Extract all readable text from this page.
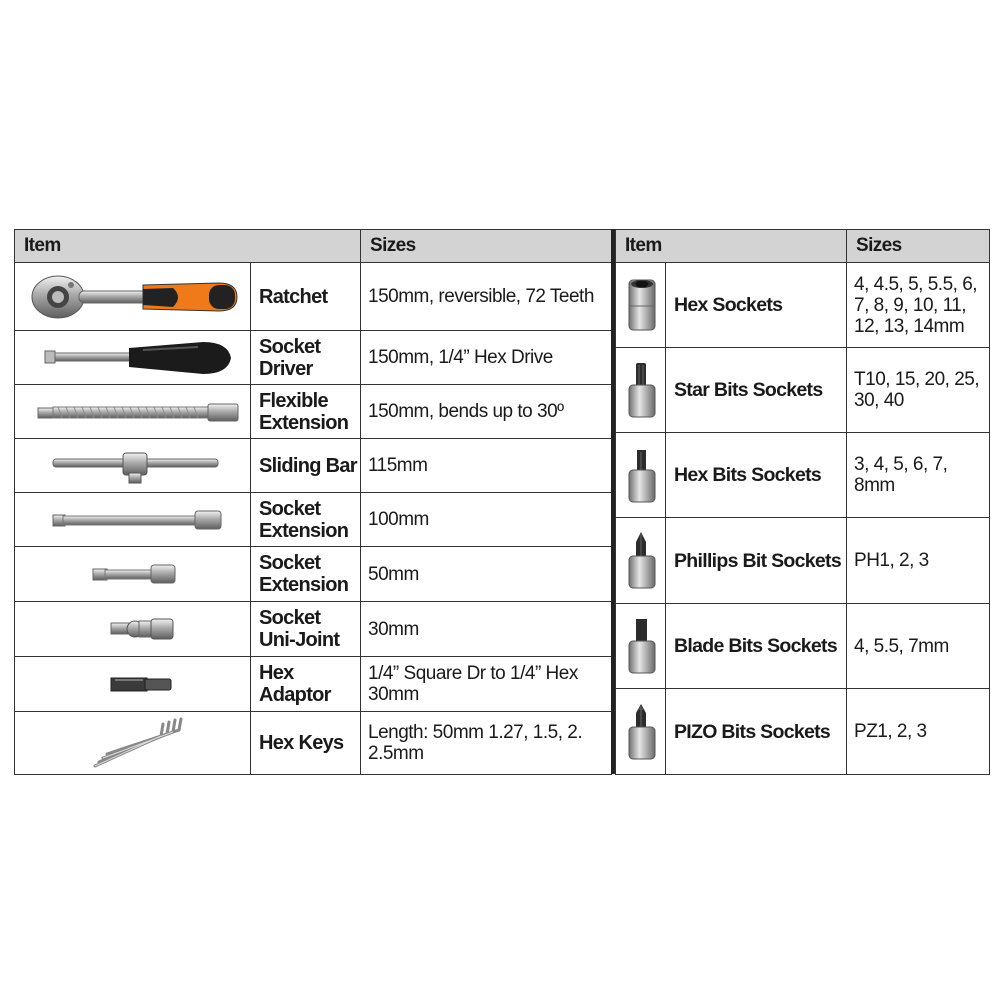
Item		Sizes

	Ratchet	150mm, reversible, 72 Teeth

	Socket Driver	150mm, 1/4” Hex Drive

	Flexible Extension	150mm, bends up to 30º

	Sliding Bar	115mm

	Socket Extension	100mm

	Socket Extension	50mm

	Socket Uni-Joint	30mm

	Hex Adaptor	1/4” Square Dr to 1/4” Hex 30mm

	Hex Keys	Length: 50mm 1.27, 1.5, 2. 2.5mm
Item		Sizes

	Hex Sockets	4, 4.5, 5, 5.5, 6, 7, 8, 9, 10, 11, 12, 13, 14mm

	Star Bits Sockets	T10, 15, 20, 25, 30, 40

	Hex Bits Sockets	3, 4, 5, 6, 7, 8mm

	Phillips Bit Sockets	PH1, 2, 3

	Blade Bits Sockets	4, 5.5, 7mm

	PIZO Bits Sockets	PZ1, 2, 3
